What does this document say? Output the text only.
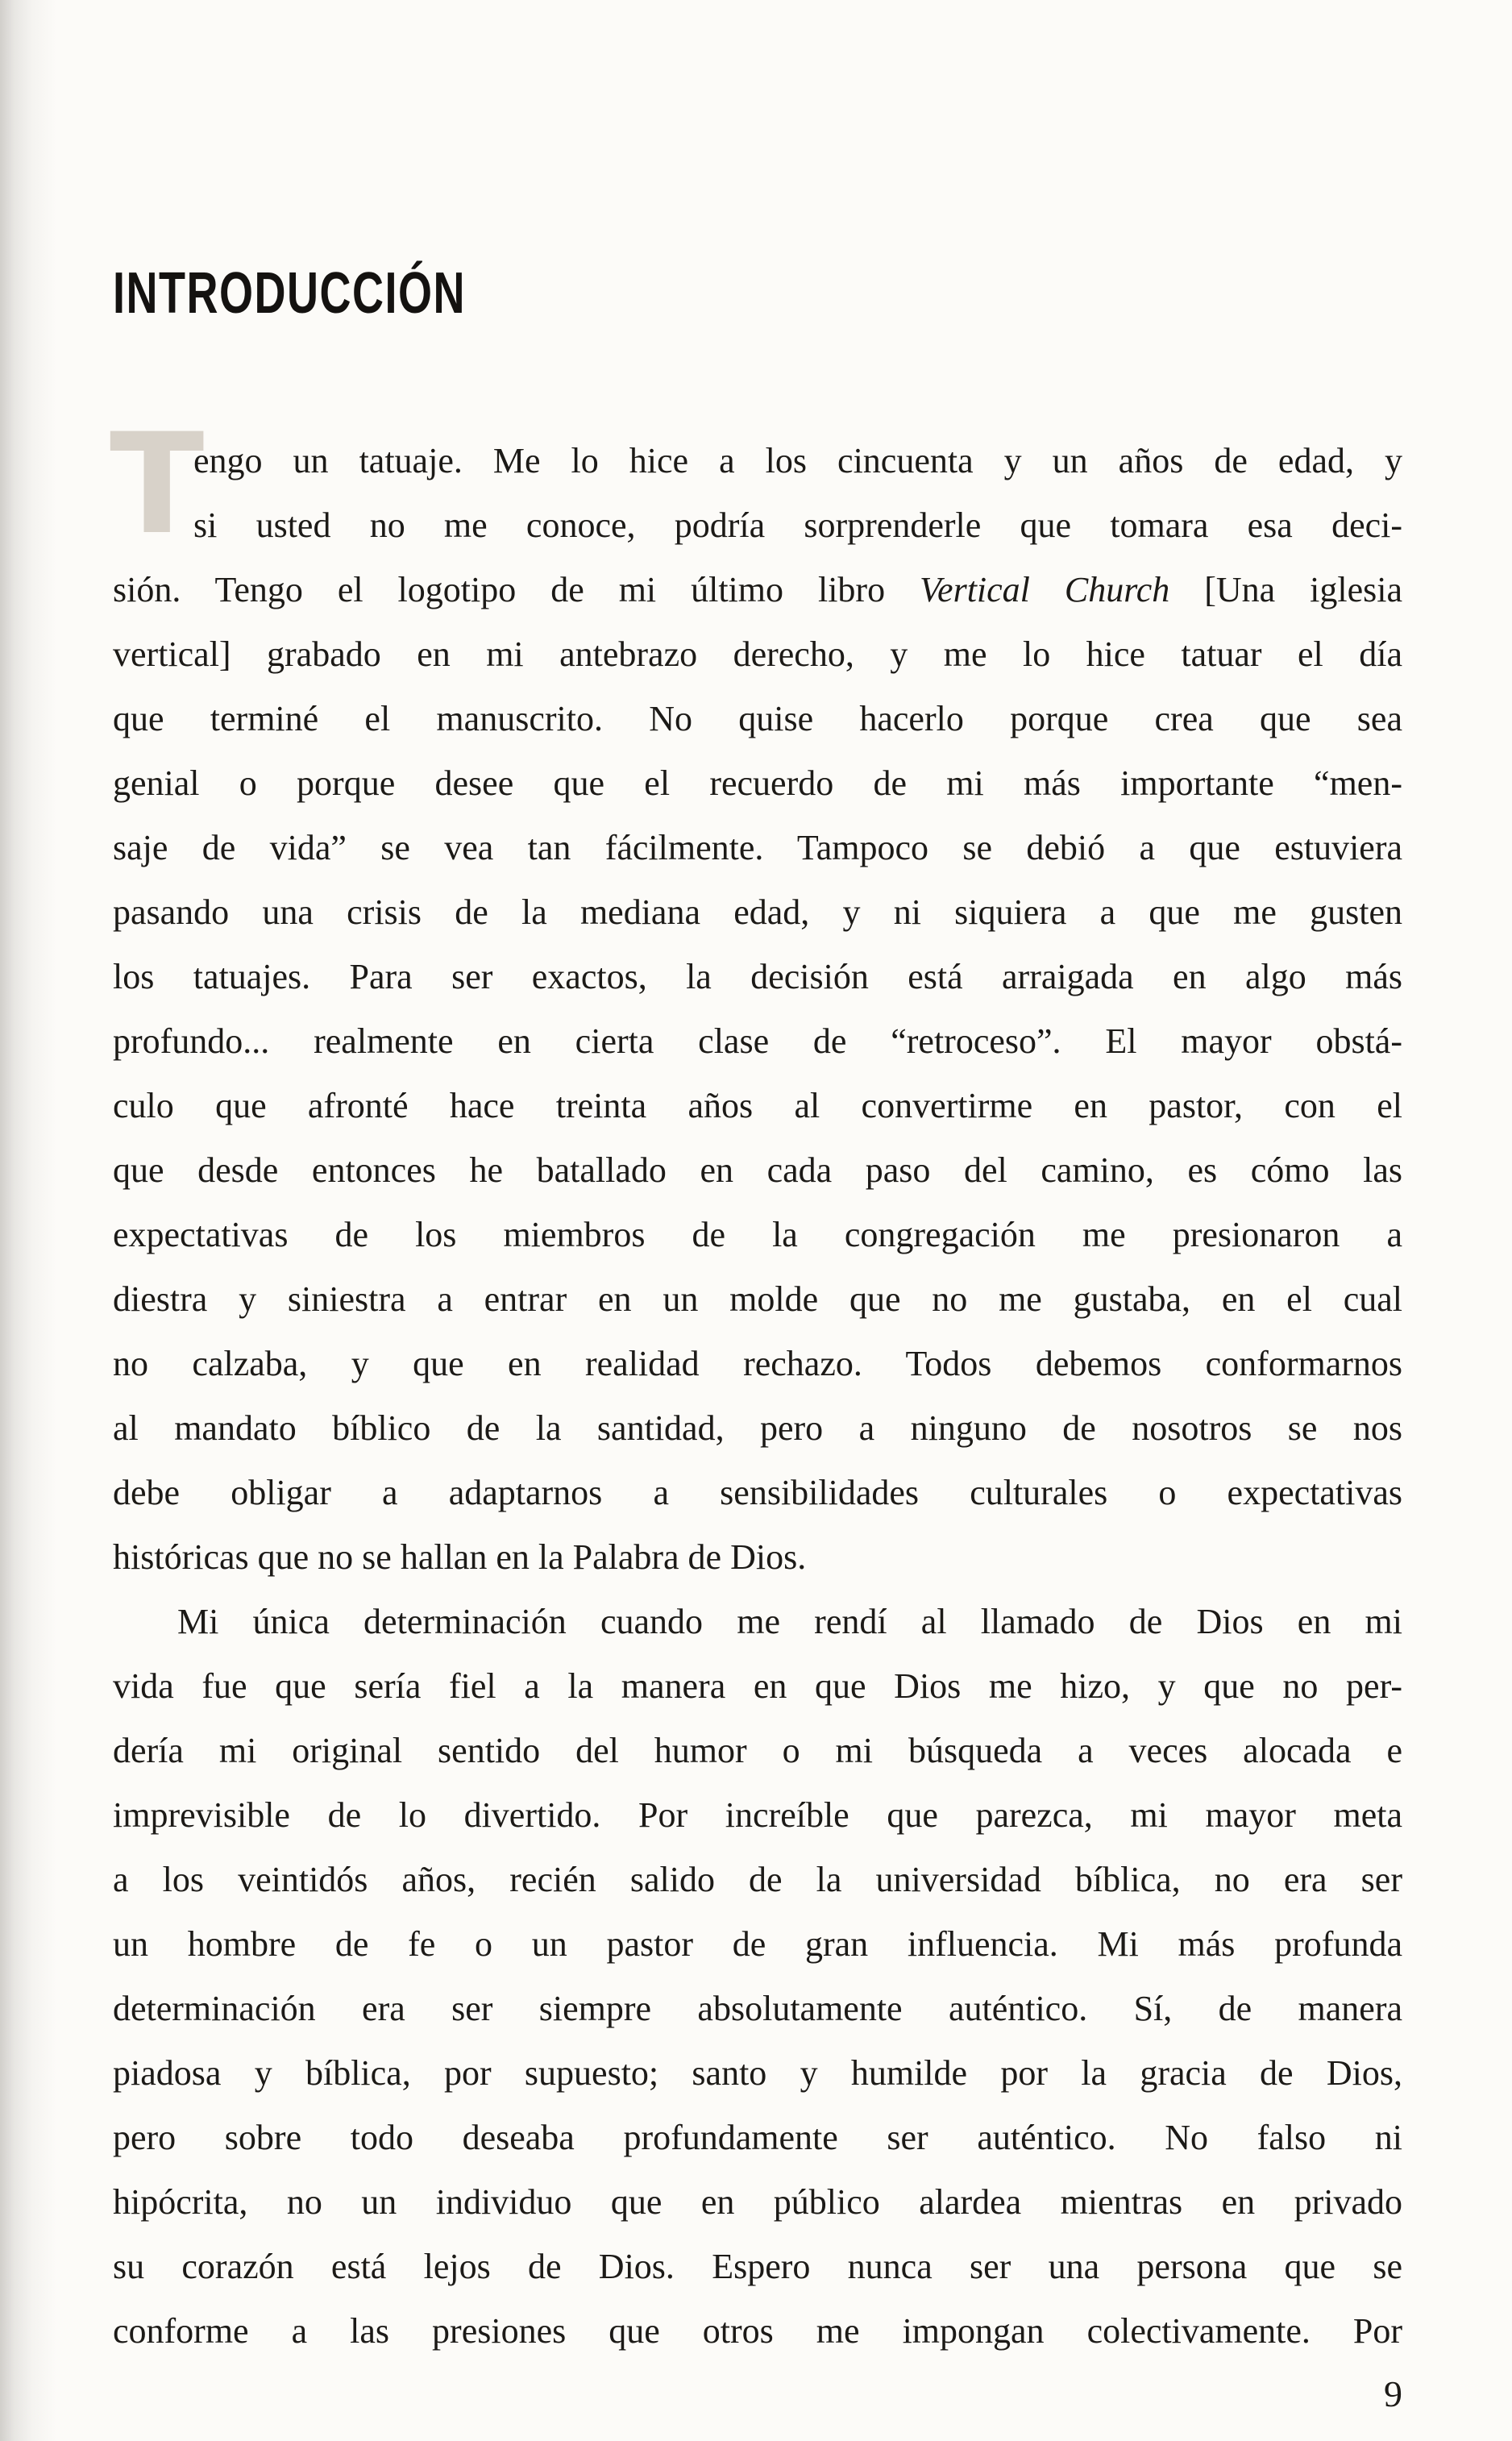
INTRODUCCIÓN
T
engo un tatuaje. Me lo hice a los cincuenta y un años de edad, y
si usted no me conoce, podría sorprenderle que tomara esa deci-
sión. Tengo el logotipo de mi último libro Vertical Church [Una iglesia
vertical] grabado en mi antebrazo derecho, y me lo hice tatuar el día
que terminé el manuscrito. No quise hacerlo porque crea que sea
genial o porque desee que el recuerdo de mi más importante “men-
saje de vida” se vea tan fácilmente. Tampoco se debió a que estuviera
pasando una crisis de la mediana edad, y ni siquiera a que me gusten
los tatuajes. Para ser exactos, la decisión está arraigada en algo más
profundo... realmente en cierta clase de “retroceso”. El mayor obstá-
culo que afronté hace treinta años al convertirme en pastor, con el
que desde entonces he batallado en cada paso del camino, es cómo las
expectativas de los miembros de la congregación me presionaron a
diestra y siniestra a entrar en un molde que no me gustaba, en el cual
no calzaba, y que en realidad rechazo. Todos debemos conformarnos
al mandato bíblico de la santidad, pero a ninguno de nosotros se nos
debe obligar a adaptarnos a sensibilidades culturales o expectativas
históricas que no se hallan en la Palabra de Dios.
Mi única determinación cuando me rendí al llamado de Dios en mi
vida fue que sería fiel a la manera en que Dios me hizo, y que no per-
dería mi original sentido del humor o mi búsqueda a veces alocada e
imprevisible de lo divertido. Por increíble que parezca, mi mayor meta
a los veintidós años, recién salido de la universidad bíblica, no era ser
un hombre de fe o un pastor de gran influencia. Mi más profunda
determinación era ser siempre absolutamente auténtico. Sí, de manera
piadosa y bíblica, por supuesto; santo y humilde por la gracia de Dios,
pero sobre todo deseaba profundamente ser auténtico. No falso ni
hipócrita, no un individuo que en público alardea mientras en privado
su corazón está lejos de Dios. Espero nunca ser una persona que se
conforme a las presiones que otros me impongan colectivamente. Por
9
